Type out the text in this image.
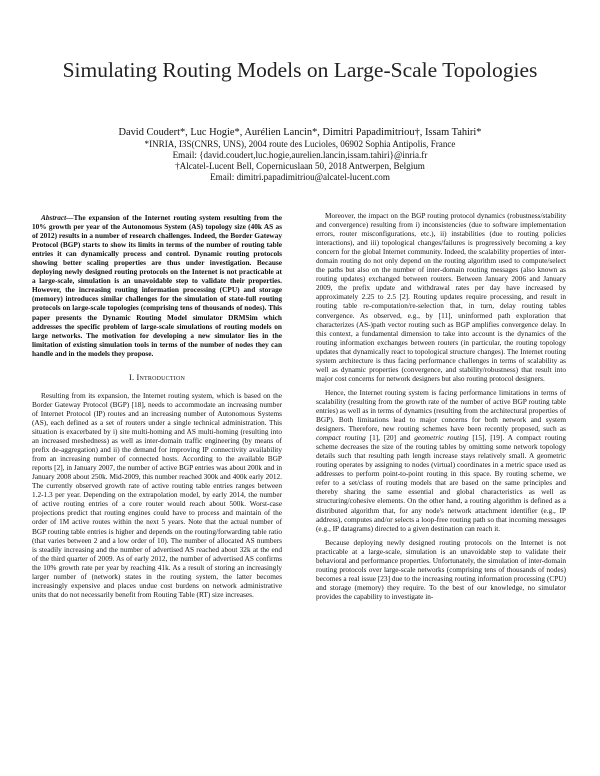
Simulating Routing Models on Large-Scale Topologies
David Coudert*, Luc Hogie*, Aurélien Lancin*, Dimitri Papadimitriou†, Issam Tahiri*
*INRIA, I3S(CNRS, UNS), 2004 route des Lucioles, 06902 Sophia Antipolis, France
Email: {david.coudert,luc.hogie,aurelien.lancin,issam.tahiri}@inria.fr
†Alcatel-Lucent Bell, Copernicuslaan 50, 2018 Antwerpen, Belgium
Email: dimitri.papadimitriou@alcatel-lucent.com

Abstract—The expansion of the Internet routing system resulting from the 10% growth per year of the Autonomous System (AS) topology size (40k AS as of 2012) results in a number of research challenges. Indeed, the Border Gateway Protocol (BGP) starts to show its limits in terms of the number of routing table entries it can dynamically process and control. Dynamic routing protocols showing better scaling properties are thus under investigation. Because deploying newly designed routing protocols on the Internet is not practicable at a large-scale, simulation is an unavoidable step to validate their properties. However, the increasing routing information processing (CPU) and storage (memory) introduces similar challenges for the simulation of state-full routing protocols on large-scale topologies (comprising tens of thousands of nodes). This paper presents the Dynamic Routing Model simulator DRMSim which addresses the specific problem of large-scale simulations of routing models on large networks. The motivation for developing a new simulator lies in the limitation of existing simulation tools in terms of the number of nodes they can handle and in the models they propose.

I. Introduction

Resulting from its expansion, the Internet routing system, which is based on the Border Gateway Protocol (BGP) [18], needs to accommodate an increasing number of Internet Protocol (IP) routes and an increasing number of Autonomous Systems (AS), each defined as a set of routers under a single technical administration. This situation is exacerbated by i) site multi-homing and AS multi-homing (resulting into an increased meshedness) as well as inter-domain traffic engineering (by means of prefix de-aggregation) and ii) the demand for improving IP connectivity availability from an increasing number of connected hosts. According to the available BGP reports [2], in January 2007, the number of active BGP entries was about 200k and in January 2008 about 250k. Mid-2009, this number reached 300k and 400k early 2012. The currently observed growth rate of active routing table entries ranges between 1.2-1.3 per year. Depending on the extrapolation model, by early 2014, the number of active routing entries of a core router would reach about 500k. Worst-case projections predict that routing engines could have to process and maintain of the order of 1M active routes within the next 5 years. Note that the actual number of BGP routing table entries is higher and depends on the routing/forwarding table ratio (that varies between 2 and a low order of 10). The number of allocated AS numbers is steadily increasing and the number of advertised AS reached about 32k at the end of the third quarter of 2009. As of early 2012, the number of advertised AS confirms the 10% growth rate per year by reaching 41k. As a result of storing an increasingly larger number of (network) states in the routing system, the latter becomes increasingly expensive and places undue cost burdens on network administrative units that do not necessarily benefit from Routing Table (RT) size increases.

Moreover, the impact on the BGP routing protocol dynamics (robustness/stability and convergence) resulting from i) inconsistencies (due to software implementation errors, router misconfigurations, etc.), ii) instabilities (due to routing policies interactions), and iii) topological changes/failures is progressively becoming a key concern for the global Internet community. Indeed, the scalability properties of inter-domain routing do not only depend on the routing algorithm used to compute/select the paths but also on the number of inter-domain routing messages (also known as routing updates) exchanged between routers. Between January 2006 and January 2009, the prefix update and withdrawal rates per day have increased by approximately 2.25 to 2.5 [2]. Routing updates require processing, and result in routing table re-computation/re-selection that, in turn, delay routing tables convergence. As observed, e.g., by [11], uninformed path exploration that characterizes (AS-)path vector routing such as BGP amplifies convergence delay. In this context, a fundamental dimension to take into account is the dynamics of the routing information exchanges between routers (in particular, the routing topology updates that dynamically react to topological structure changes). The Internet routing system architecture is thus facing performance challenges in terms of scalability as well as dynamic properties (convergence, and stability/robustness) that result into major cost concerns for network designers but also routing protocol designers.

Hence, the Internet routing system is facing performance limitations in terms of scalability (resulting from the growth rate of the number of active BGP routing table entries) as well as in terms of dynamics (resulting from the architectural properties of BGP). Both limitations lead to major concerns for both network and system designers. Therefore, new routing schemes have been recently proposed, such as compact routing [1], [20] and geometric routing [15], [19]. A compact routing scheme decreases the size of the routing tables by omitting some network topology details such that resulting path length increase stays relatively small. A geometric routing operates by assigning to nodes (virtual) coordinates in a metric space used as addresses to perform point-to-point routing in this space. By routing scheme, we refer to a set/class of routing models that are based on the same principles and thereby sharing the same essential and global characteristics as well as structuring/cohesive elements. On the other hand, a routing algorithm is defined as a distributed algorithm that, for any node's network attachment identifier (e.g., IP address), computes and/or selects a loop-free routing path so that incoming messages (e.g., IP datagrams) directed to a given destination can reach it.

Because deploying newly designed routing protocols on the Internet is not practicable at a large-scale, simulation is an unavoidable step to validate their behavioral and performance properties. Unfortunately, the simulation of inter-domain routing protocols over large-scale networks (comprising tens of thousands of nodes) becomes a real issue [23] due to the increasing routing information processing (CPU) and storage (memory) they require. To the best of our knowledge, no simulator provides the capability to investigate in-
